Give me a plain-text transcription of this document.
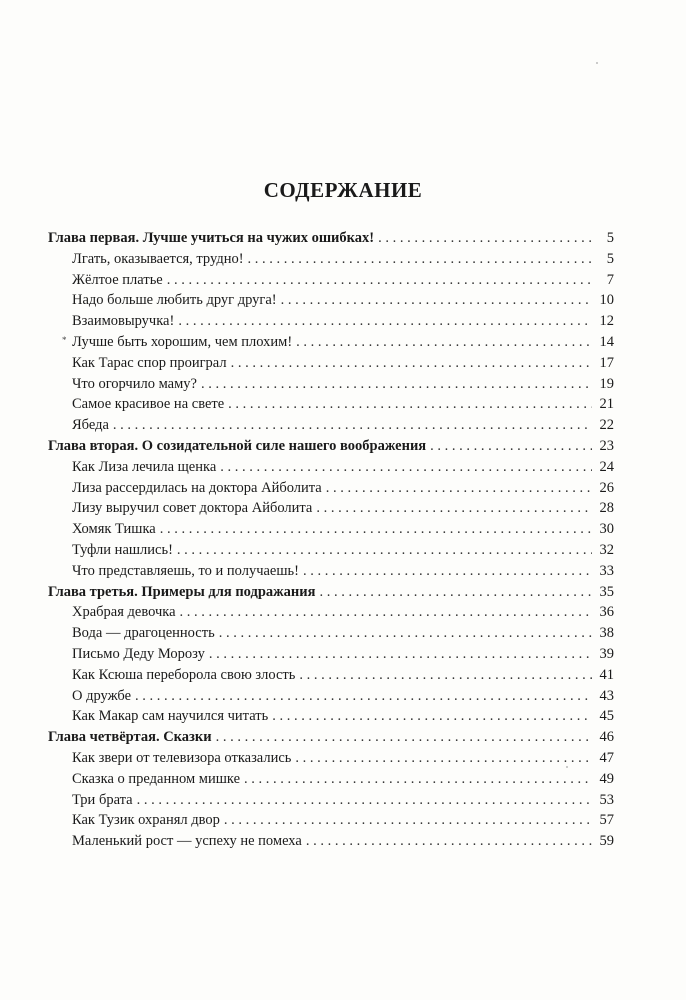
СОДЕРЖАНИЕ
Глава первая. Лучше учиться на чужих ошибках! . . .	5
Лгать, оказывается, трудно! . . .	5
Жёлтое платье . . .	7
Надо больше любить друг друга! . . .	10
Взаимовыручка! . . .	12
Лучше быть хорошим, чем плохим! . . .	14
Как Тарас спор проиграл . . .	17
Что огорчило маму? . . .	19
Самое красивое на свете . . .	21
Ябеда . . .	22
Глава вторая. О созидательной силе нашего воображения . . .	23
Как Лиза лечила щенка . . .	24
Лиза рассердилась на доктора Айболита . . .	26
Лизу выручил совет доктора Айболита . . .	28
Хомяк Тишка . . .	30
Туфли нашлись! . . .	32
Что представляешь, то и получаешь! . . .	33
Глава третья. Примеры для подражания . . .	35
Храбрая девочка . . .	36
Вода — драгоценность . . .	38
Письмо Деду Морозу . . .	39
Как Ксюша переборола свою злость . . .	41
О дружбе . . .	43
Как Макар сам научился читать . . .	45
Глава четвёртая. Сказки . . .	46
Как звери от телевизора отказались . . .	47
Сказка о преданном мишке . . .	49
Три брата . . .	53
Как Тузик охранял двор . . .	57
Маленький рост — успеху не помеха . . .	59
*
